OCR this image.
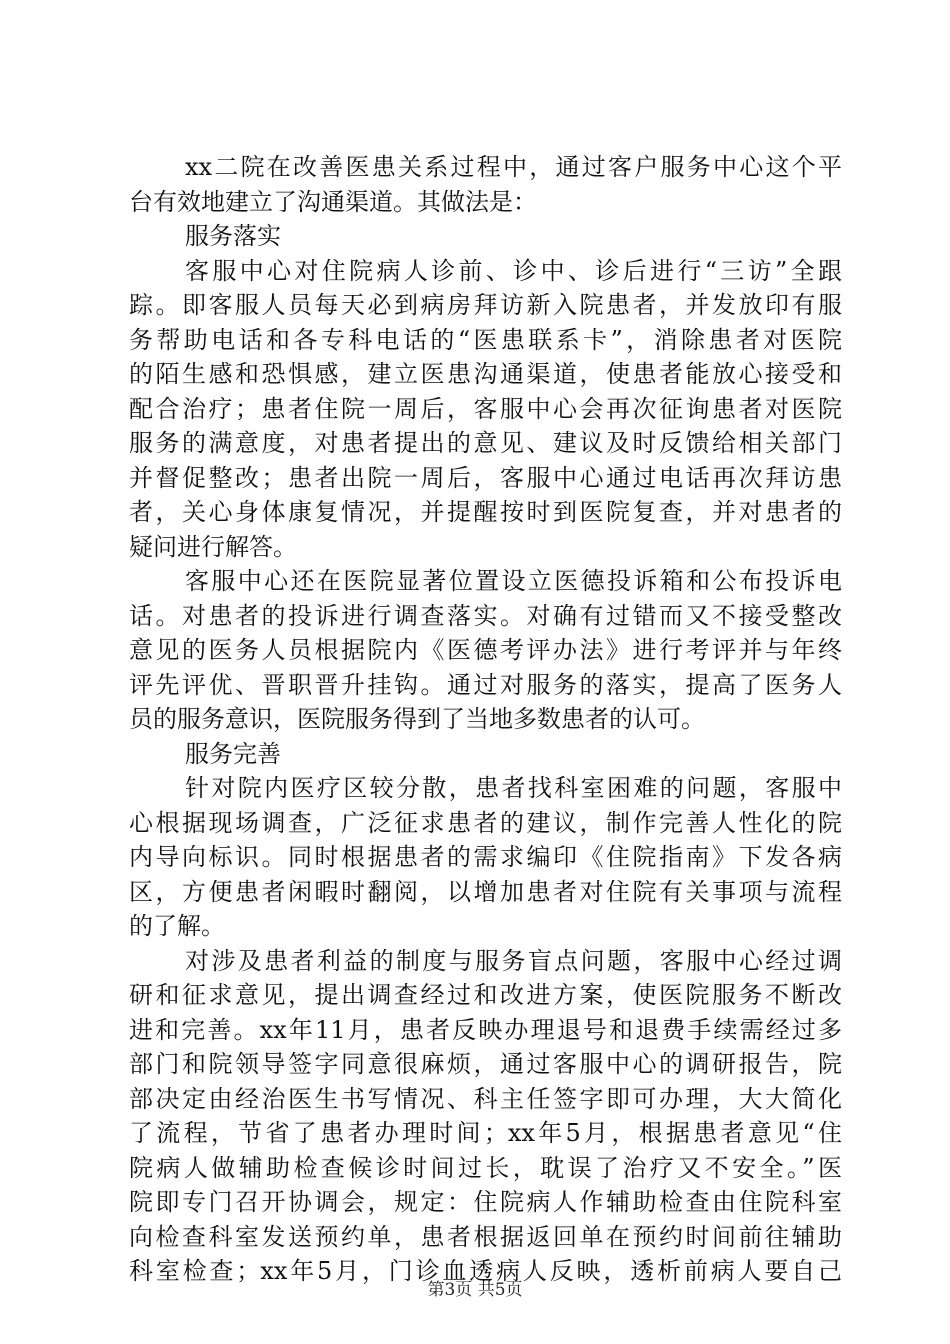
xx二院在改善医患关系过程中，通过客户服务中心这个平
台有效地建立了沟通渠道。其做法是：
服务落实
客服中心对住院病人诊前、诊中、诊后进行“三访”全跟
踪。即客服人员每天必到病房拜访新入院患者，并发放印有服
务帮助电话和各专科电话的“医患联系卡”，消除患者对医院
的陌生感和恐惧感，建立医患沟通渠道，使患者能放心接受和
配合治疗；患者住院一周后，客服中心会再次征询患者对医院
服务的满意度，对患者提出的意见、建议及时反馈给相关部门
并督促整改；患者出院一周后，客服中心通过电话再次拜访患
者，关心身体康复情况，并提醒按时到医院复查，并对患者的
疑问进行解答。
客服中心还在医院显著位置设立医德投诉箱和公布投诉电
话。对患者的投诉进行调查落实。对确有过错而又不接受整改
意见的医务人员根据院内《医德考评办法》进行考评并与年终
评先评优、晋职晋升挂钩。通过对服务的落实，提高了医务人
员的服务意识，医院服务得到了当地多数患者的认可。
服务完善
针对院内医疗区较分散，患者找科室困难的问题，客服中
心根据现场调查，广泛征求患者的建议，制作完善人性化的院
内导向标识。同时根据患者的需求编印《住院指南》下发各病
区，方便患者闲暇时翻阅，以增加患者对住院有关事项与流程
的了解。
对涉及患者利益的制度与服务盲点问题，客服中心经过调
研和征求意见，提出调查经过和改进方案，使医院服务不断改
进和完善。xx年11月，患者反映办理退号和退费手续需经过多
部门和院领导签字同意很麻烦，通过客服中心的调研报告，院
部决定由经治医生书写情况、科主任签字即可办理，大大简化
了流程，节省了患者办理时间；xx年5月，根据患者意见“住
院病人做辅助检查候诊时间过长，耽误了治疗又不安全。”医
院即专门召开协调会，规定：住院病人作辅助检查由住院科室
向检查科室发送预约单，患者根据返回单在预约时间前往辅助
科室检查；xx年5月，门诊血透病人反映，透析前病人要自己
第3页 共5页
